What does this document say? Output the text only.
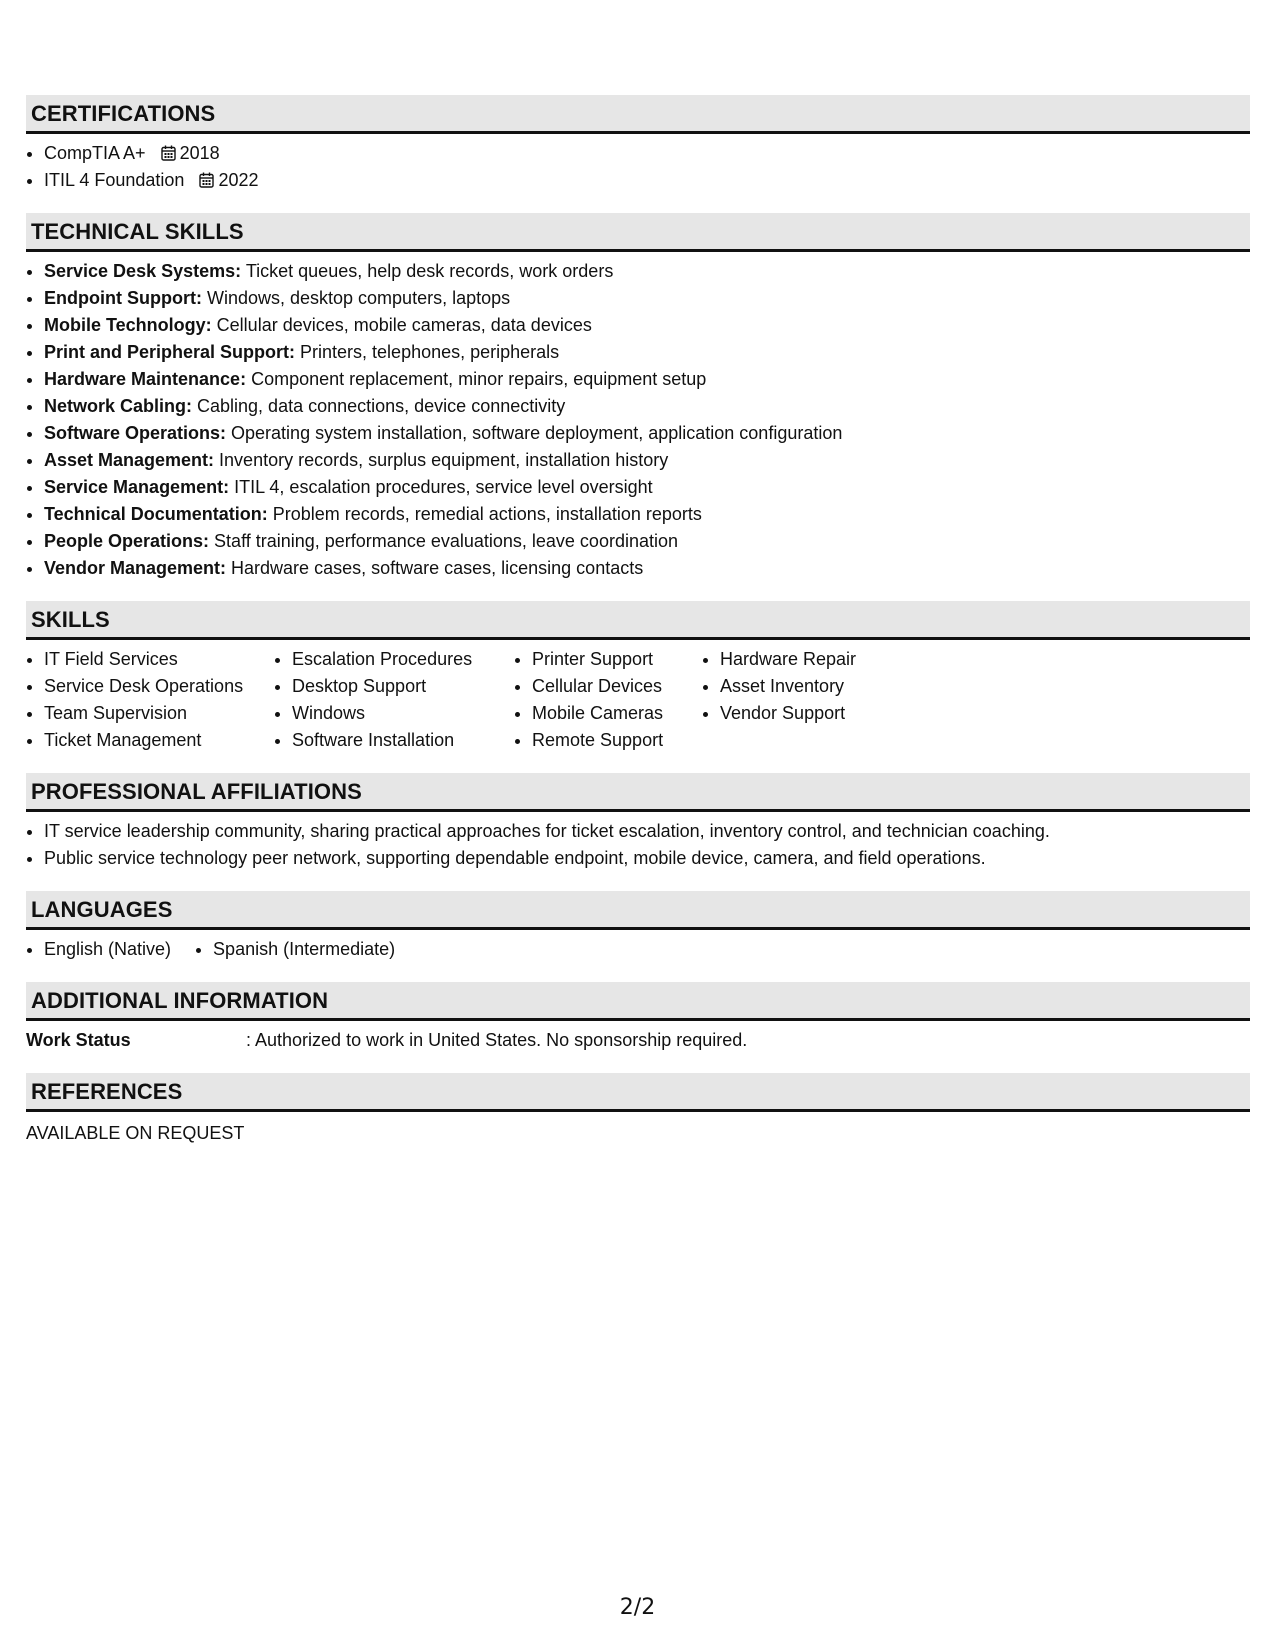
CERTIFICATIONS
• CompTIA A+ 2018
• ITIL 4 Foundation 2022
TECHNICAL SKILLS
• Service Desk Systems: Ticket queues, help desk records, work orders
• Endpoint Support: Windows, desktop computers, laptops
• Mobile Technology: Cellular devices, mobile cameras, data devices
• Print and Peripheral Support: Printers, telephones, peripherals
• Hardware Maintenance: Component replacement, minor repairs, equipment setup
• Network Cabling: Cabling, data connections, device connectivity
• Software Operations: Operating system installation, software deployment, application configuration
• Asset Management: Inventory records, surplus equipment, installation history
• Service Management: ITIL 4, escalation procedures, service level oversight
• Technical Documentation: Problem records, remedial actions, installation reports
• People Operations: Staff training, performance evaluations, leave coordination
• Vendor Management: Hardware cases, software cases, licensing contacts
SKILLS
• IT Field Services
• Service Desk Operations
• Team Supervision
• Ticket Management
• Escalation Procedures
• Desktop Support
• Windows
• Software Installation
• Printer Support
• Cellular Devices
• Mobile Cameras
• Remote Support
• Hardware Repair
• Asset Inventory
• Vendor Support
PROFESSIONAL AFFILIATIONS
• IT service leadership community, sharing practical approaches for ticket escalation, inventory control, and technician coaching.
• Public service technology peer network, supporting dependable endpoint, mobile device, camera, and field operations.
LANGUAGES
• English (Native)
• Spanish (Intermediate)
ADDITIONAL INFORMATION
Work Status	: Authorized to work in United States. No sponsorship required.
REFERENCES
AVAILABLE ON REQUEST
2/2
